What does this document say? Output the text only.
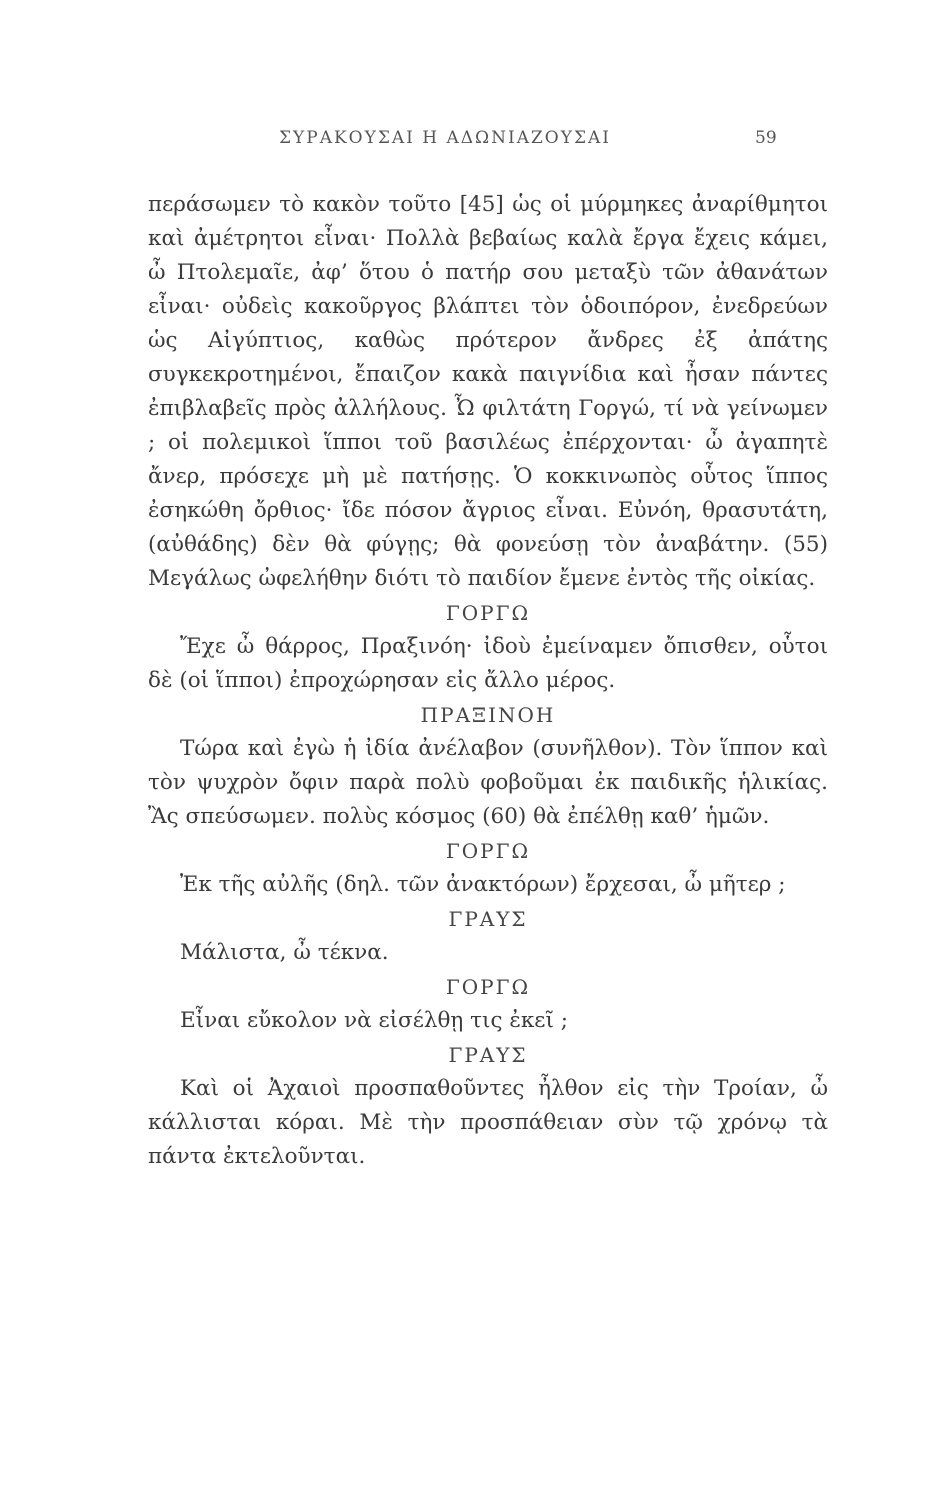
ΣΥΡΑΚΟΥΣΑΙ Η ΑΔΩΝΙΑΖΟΥΣΑΙ	59

περάσωμεν τὸ κακὸν τοῦτο [45] ὡς οἱ μύρμηκες ἀναρίθμητοι καὶ ἀμέτρητοι εἶναι· Πολλὰ βεβαίως καλὰ ἔργα ἔχεις κάμει, ὦ Πτολεμαῖε, ἀφ’ ὅτου ὁ πατήρ σου μεταξὺ τῶν ἀθανάτων εἶναι· οὐδεὶς κακοῦργος βλάπτει τὸν ὁδοιπόρον, ἐνεδρεύων ὡς Αἰγύπτιος, καθὼς πρότερον ἄνδρες ἐξ ἀπάτης συγκεκροτημένοι, ἔπαιζον κακὰ παιγνίδια καὶ ἦσαν πάντες ἐπιβλαβεῖς πρὸς ἀλλήλους. Ὦ φιλτάτη Γοργώ, τί νὰ γείνωμεν ; οἱ πολεμικοὶ ἵπποι τοῦ βασιλέως ἐπέρχονται· ὦ ἀγαπητὲ ἄνερ, πρόσεχε μὴ μὲ πατήσῃς. Ὁ κοκκινωπὸς οὗτος ἵππος ἐσηκώθη ὄρθιος· ἴδε πόσον ἄγριος εἶναι. Εὐνόη, θρασυτάτη, (αὐθάδης) δὲν θὰ φύγῃς; θὰ φονεύσῃ τὸν ἀναβάτην. (55) Μεγάλως ὠφελήθην διότι τὸ παιδίον ἔμενε ἐντὸς τῆς οἰκίας.

ΓΟΡΓΩ

Ἔχε ὦ θάρρος, Πραξινόη· ἰδοὺ ἐμείναμεν ὄπισθεν, οὗτοι δὲ (οἱ ἵπποι) ἐπροχώρησαν εἰς ἄλλο μέρος.

ΠΡΑΞΙΝΟΗ

Τώρα καὶ ἐγὼ ἡ ἰδία ἀνέλαβον (συνῆλθον). Τὸν ἵππον καὶ τὸν ψυχρὸν ὄφιν παρὰ πολὺ φοβοῦμαι ἐκ παιδικῆς ἡλικίας. Ἂς σπεύσωμεν. πολὺς κόσμος (60) θὰ ἐπέλθῃ καθ’ ἡμῶν.

ΓΟΡΓΩ

Ἐκ τῆς αὐλῆς (δηλ. τῶν ἀνακτόρων) ἔρχεσαι, ὦ μῆτερ ;

ΓΡΑΥΣ

Μάλιστα, ὦ τέκνα.

ΓΟΡΓΩ

Εἶναι εὔκολον νὰ εἰσέλθῃ τις ἐκεῖ ;

ΓΡΑΥΣ

Καὶ οἱ Ἀχαιοὶ προσπαθοῦντες ἦλθον εἰς τὴν Τροίαν, ὦ κάλλισται κόραι. Μὲ τὴν προσπάθειαν σὺν τῷ χρόνῳ τὰ πάντα ἐκτελοῦνται.
